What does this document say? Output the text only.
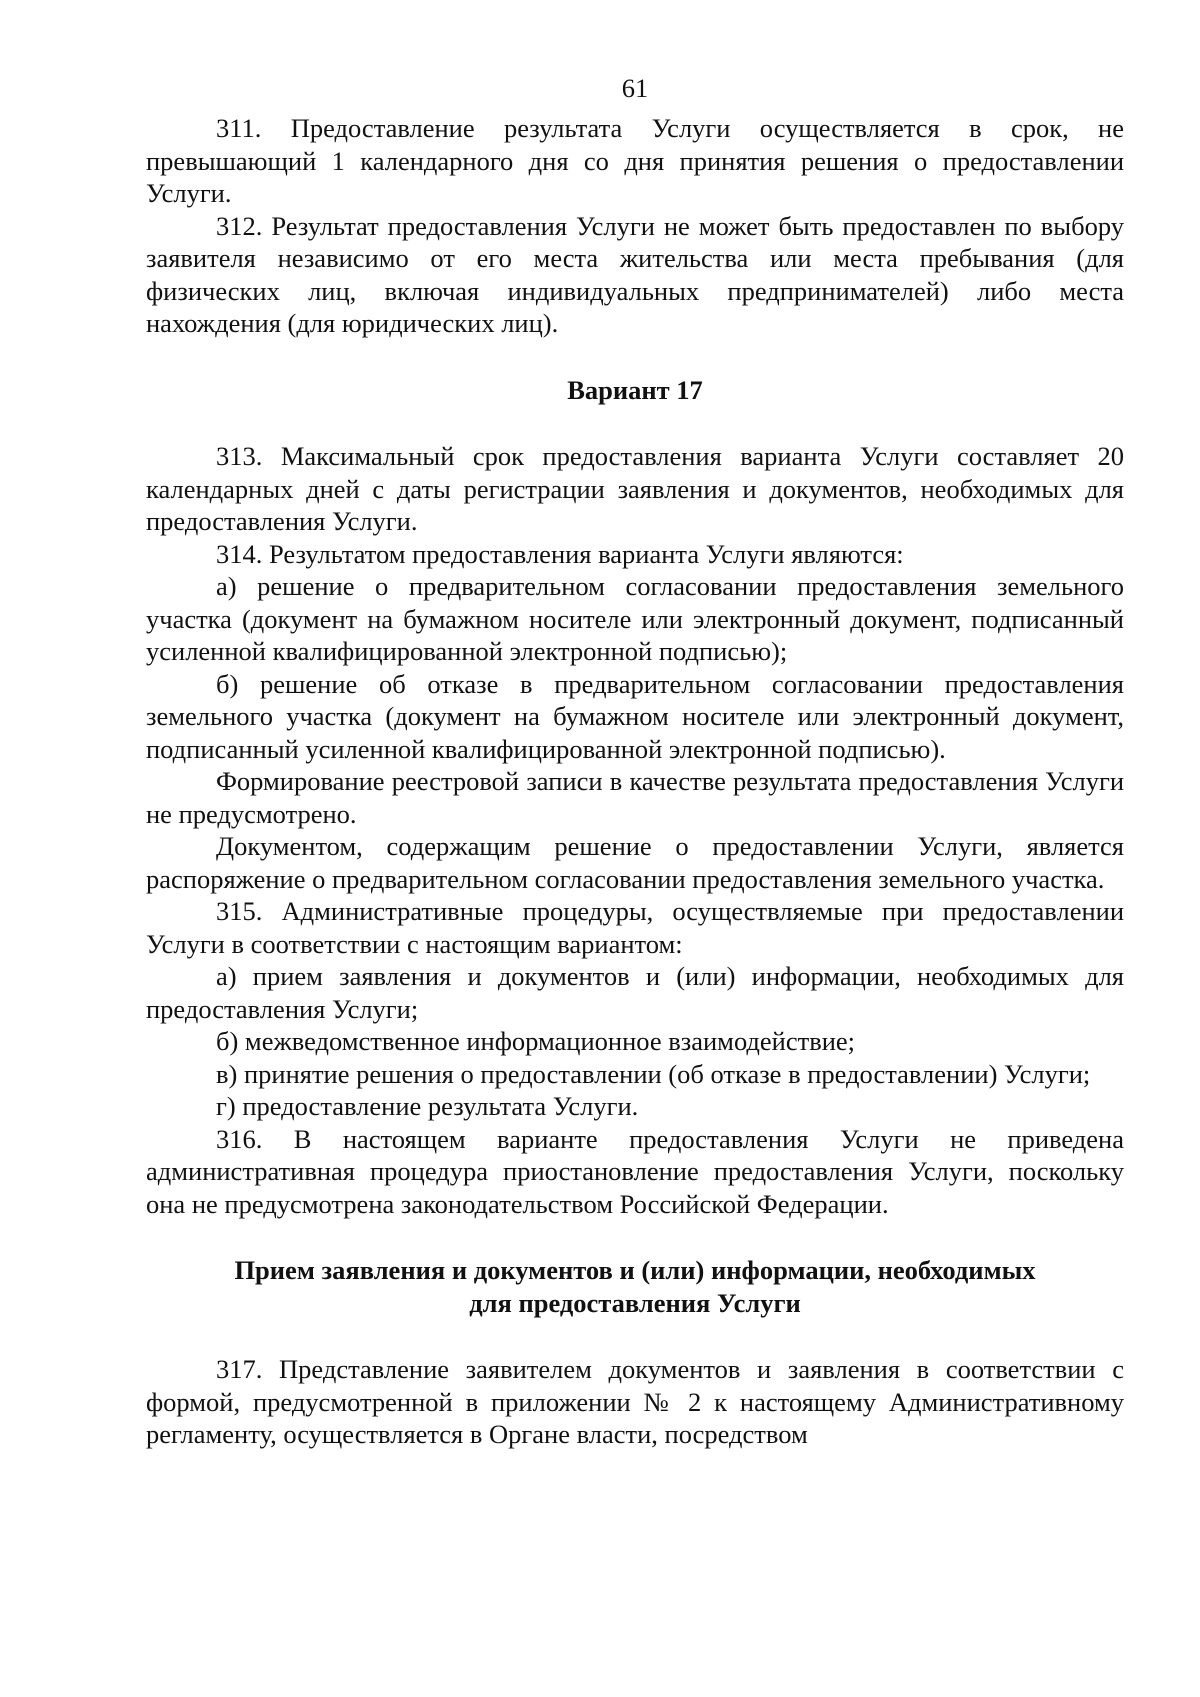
61

311. Предоставление результата Услуги осуществляется в срок, не превышающий 1 календарного дня со дня принятия решения о предоставлении Услуги.

312. Результат предоставления Услуги не может быть предоставлен по выбору заявителя независимо от его места жительства или места пребывания (для физических лиц, включая индивидуальных предпринимателей) либо места нахождения (для юридических лиц).

Вариант 17

313. Максимальный срок предоставления варианта Услуги составляет 20 календарных дней с даты регистрации заявления и документов, необходимых для предоставления Услуги.

314. Результатом предоставления варианта Услуги являются:

а) решение о предварительном согласовании предоставления земельного участка (документ на бумажном носителе или электронный документ, подписанный усиленной квалифицированной электронной подписью);

б) решение об отказе в предварительном согласовании предоставления земельного участка (документ на бумажном носителе или электронный документ, подписанный усиленной квалифицированной электронной подписью).

Формирование реестровой записи в качестве результата предоставления Услуги не предусмотрено.

Документом, содержащим решение о предоставлении Услуги, является распоряжение о предварительном согласовании предоставления земельного участка.

315. Административные процедуры, осуществляемые при предоставлении Услуги в соответствии с настоящим вариантом:

а) прием заявления и документов и (или) информации, необходимых для предоставления Услуги;

б) межведомственное информационное взаимодействие;

в) принятие решения о предоставлении (об отказе в предоставлении) Услуги;

г) предоставление результата Услуги.

316. В настоящем варианте предоставления Услуги не приведена административная процедура приостановление предоставления Услуги, поскольку она не предусмотрена законодательством Российской Федерации.

Прием заявления и документов и (или) информации, необходимых
для предоставления Услуги

317. Представление заявителем документов и заявления в соответствии с формой, предусмотренной в приложении № 2 к настоящему Административному регламенту, осуществляется в Органе власти, посредством
